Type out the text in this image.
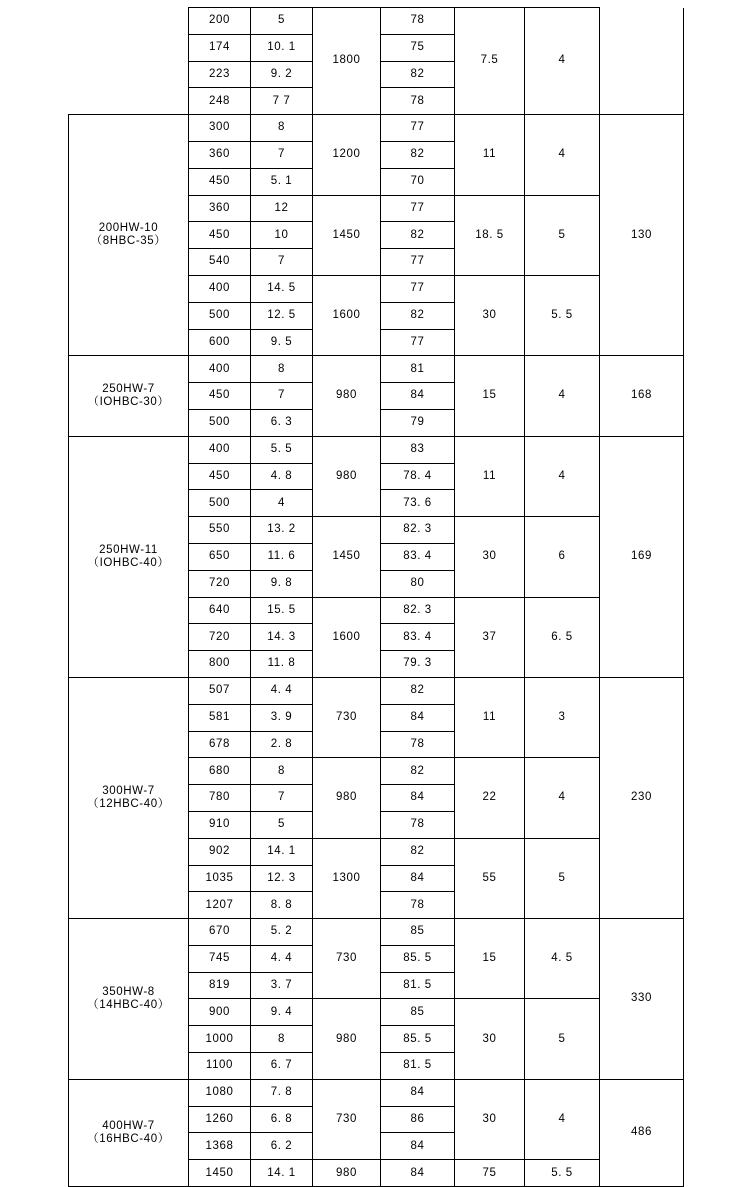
	200	5	1800	78	7.5	4	
	174	10. 1		75			
	223	9. 2		82			
	248	7 7		78			

200HW-10
（8HBC-35）	300	8	1200	77	11	4	130
	360	7		82			
	450	5. 1		70			
	360	12	1450	77	18. 5	5	
	450	10		82			
	540	7		77			
	400	14. 5	1600	77	30	5. 5	
	500	12. 5		82			
	600	9. 5		77			

250HW-7
（IOHBC-30）	400	8	980	81	15	4	168
	450	7		84			
	500	6. 3		79			

250HW-11
（IOHBC-40）	400	5. 5	980	83	11	4	169
	450	4. 8		78. 4			
	500	4		73. 6			
	550	13. 2	1450	82. 3	30	6	
	650	11. 6		83. 4			
	720	9. 8		80			
	640	15. 5	1600	82. 3	37	6. 5	
	720	14. 3		83. 4			
	800	11. 8		79. 3			

300HW-7
（12HBC-40）	507	4. 4	730	82	11	3	230
	581	3. 9		84			
	678	2. 8		78			
	680	8	980	82	22	4	
	780	7		84			
	910	5		78			
	902	14. 1	1300	82	55	5	
	1035	12. 3		84			
	1207	8. 8		78			

350HW-8
（14HBC-40）	670	5. 2	730	85	15	4. 5	330
	745	4. 4		85. 5			
	819	3. 7		81. 5			
	900	9. 4	980	85	30	5	
	1000	8		85. 5			
	1100	6. 7		81. 5			

400HW-7
（16HBC-40）	1080	7. 8	730	84	30	4	486
	1260	6. 8		86			
	1368	6. 2		84			
	1450	14. 1	980	84	75	5. 5	
